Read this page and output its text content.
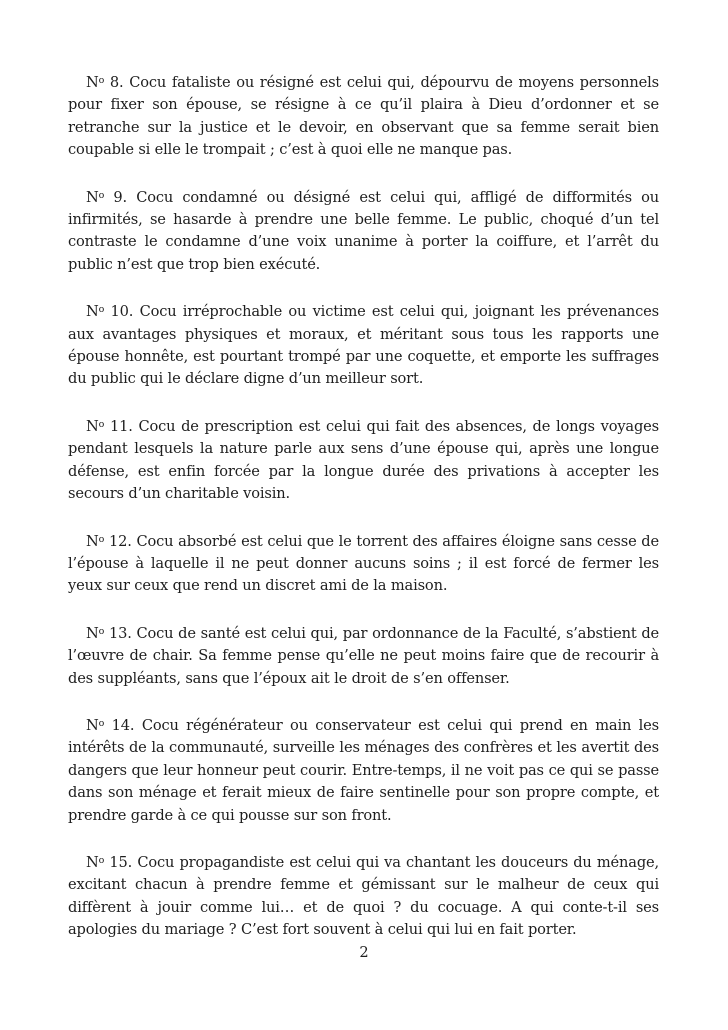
$N^o$ 8. Cocu fataliste ou résigné est celui qui, dépourvu de moyens personnels pour fixer son épouse, se résigne à ce qu’il plaira à Dieu d’ordonner et se retranche sur la justice et le devoir, en observant que sa femme serait bien coupable si elle le trompait ; c’est à quoi elle ne manque pas.

$N^o$ 9. Cocu condamné ou désigné est celui qui, affligé de difformités ou infirmités, se hasarde à prendre une belle femme. Le public, choqué d’un tel contraste le condamne d’une voix unanime à porter la coiffure, et l’arrêt du public n’est que trop bien exécuté.

$N^o$ 10. Cocu irréprochable ou victime est celui qui, joignant les prévenances aux avantages physiques et moraux, et méritant sous tous les rapports une épouse honnête, est pourtant trompé par une coquette, et emporte les suffrages du public qui le déclare digne d’un meilleur sort.

$N^o$ 11. Cocu de prescription est celui qui fait des absences, de longs voyages pendant lesquels la nature parle aux sens d’une épouse qui, après une longue défense, est enfin forcée par la longue durée des privations à accepter les secours d’un charitable voisin.

$N^o$ 12. Cocu absorbé est celui que le torrent des affaires éloigne sans cesse de l’épouse à laquelle il ne peut donner aucuns soins ; il est forcé de fermer les yeux sur ceux que rend un discret ami de la maison.

$N^o$ 13. Cocu de santé est celui qui, par ordonnance de la Faculté, s’abstient de l’œuvre de chair. Sa femme pense qu’elle ne peut moins faire que de recourir à des suppléants, sans que l’époux ait le droit de s’en offenser.

$N^o$ 14. Cocu régénérateur ou conservateur est celui qui prend en main les intérêts de la communauté, surveille les ménages des confrères et les avertit des dangers que leur honneur peut courir. Entre-temps, il ne voit pas ce qui se passe dans son ménage et ferait mieux de faire sentinelle pour son propre compte, et prendre garde à ce qui pousse sur son front.

$N^o$ 15. Cocu propagandiste est celui qui va chantant les douceurs du ménage, excitant chacun à prendre femme et gémissant sur le malheur de ceux qui diffèrent à jouir comme lui… et de quoi ? du cocuage. A qui conte-t-il ses apologies du mariage ? C’est fort souvent à celui qui lui en fait porter.

2
